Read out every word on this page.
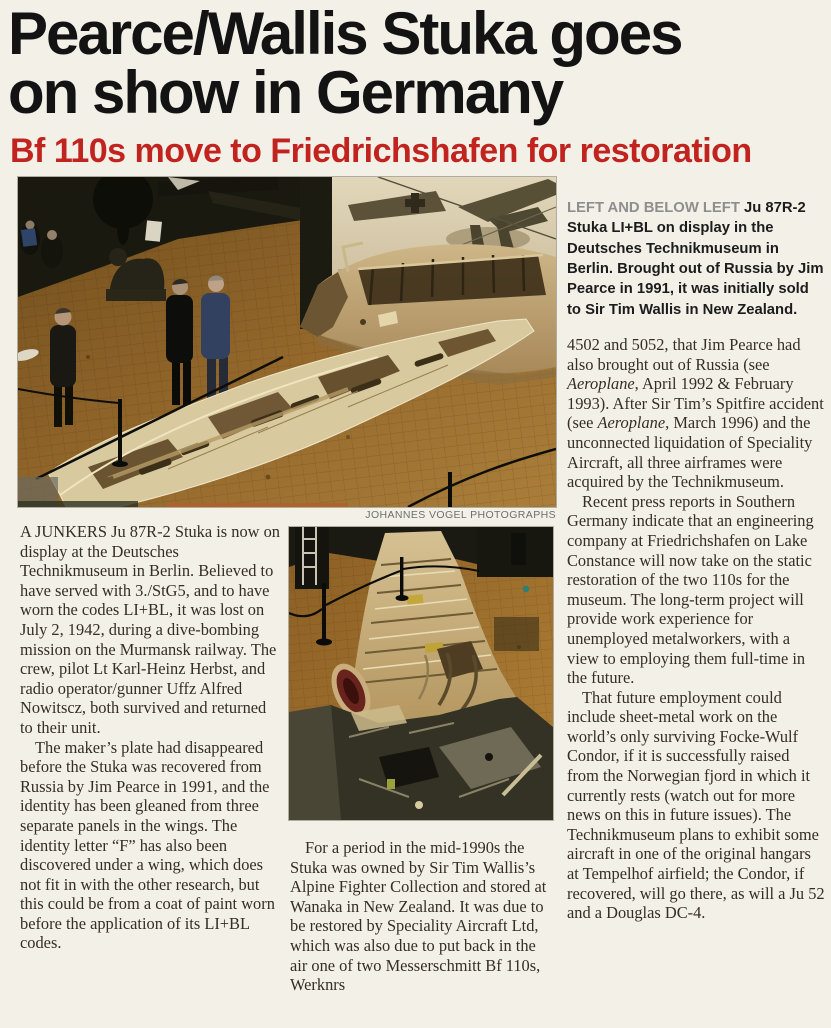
Pearce/Wallis Stuka goes
on show in Germany
Bf 110s move to Friedrichshafen for restoration
JOHANNES VOGEL PHOTOGRAPHS

LEFT AND BELOW LEFT Ju 87R-2 Stuka LI+BL on display in the Deutsches Technikmuseum in Berlin. Brought out of Russia by Jim Pearce in 1991, it was initially sold to Sir Tim Wallis in New Zealand.

A JUNKERS Ju 87R-2 Stuka is now on display at the Deutsches Technikmuseum in Berlin. Believed to have served with 3./StG5, and to have worn the codes LI+BL, it was lost on July 2, 1942, during a dive-bombing mission on the Murmansk railway. The crew, pilot Lt Karl-Heinz Herbst, and radio operator/gunner Uffz Alfred Nowitscz, both survived and returned to their unit.

The maker’s plate had disappeared before the Stuka was recovered from Russia by Jim Pearce in 1991, and the identity has been gleaned from three separate panels in the wings. The identity letter “F” has also been discovered under a wing, which does not fit in with the other research, but this could be from a coat of paint worn before the application of its LI+BL codes.

For a period in the mid-1990s the Stuka was owned by Sir Tim Wallis’s Alpine Fighter Collection and stored at Wanaka in New Zealand. It was due to be restored by Speciality Aircraft Ltd, which was also due to put back in the air one of two Messerschmitt Bf 110s, Werknrs

4502 and 5052, that Jim Pearce had also brought out of Russia (see Aeroplane, April 1992 & February 1993). After Sir Tim’s Spitfire accident (see Aeroplane, March 1996) and the unconnected liquidation of Speciality Aircraft, all three airframes were acquired by the Technikmuseum.

Recent press reports in Southern Germany indicate that an engineering company at Friedrichshafen on Lake Constance will now take on the static restoration of the two 110s for the museum. The long-term project will provide work experience for unemployed metalworkers, with a view to employing them full-time in the future.

That future employment could include sheet-metal work on the world’s only surviving Focke-Wulf Condor, if it is successfully raised from the Norwegian fjord in which it currently rests (watch out for more news on this in future issues). The Technikmuseum plans to exhibit some aircraft in one of the original hangars at Tempelhof airfield; the Condor, if recovered, will go there, as will a Ju 52 and a Douglas DC-4.
